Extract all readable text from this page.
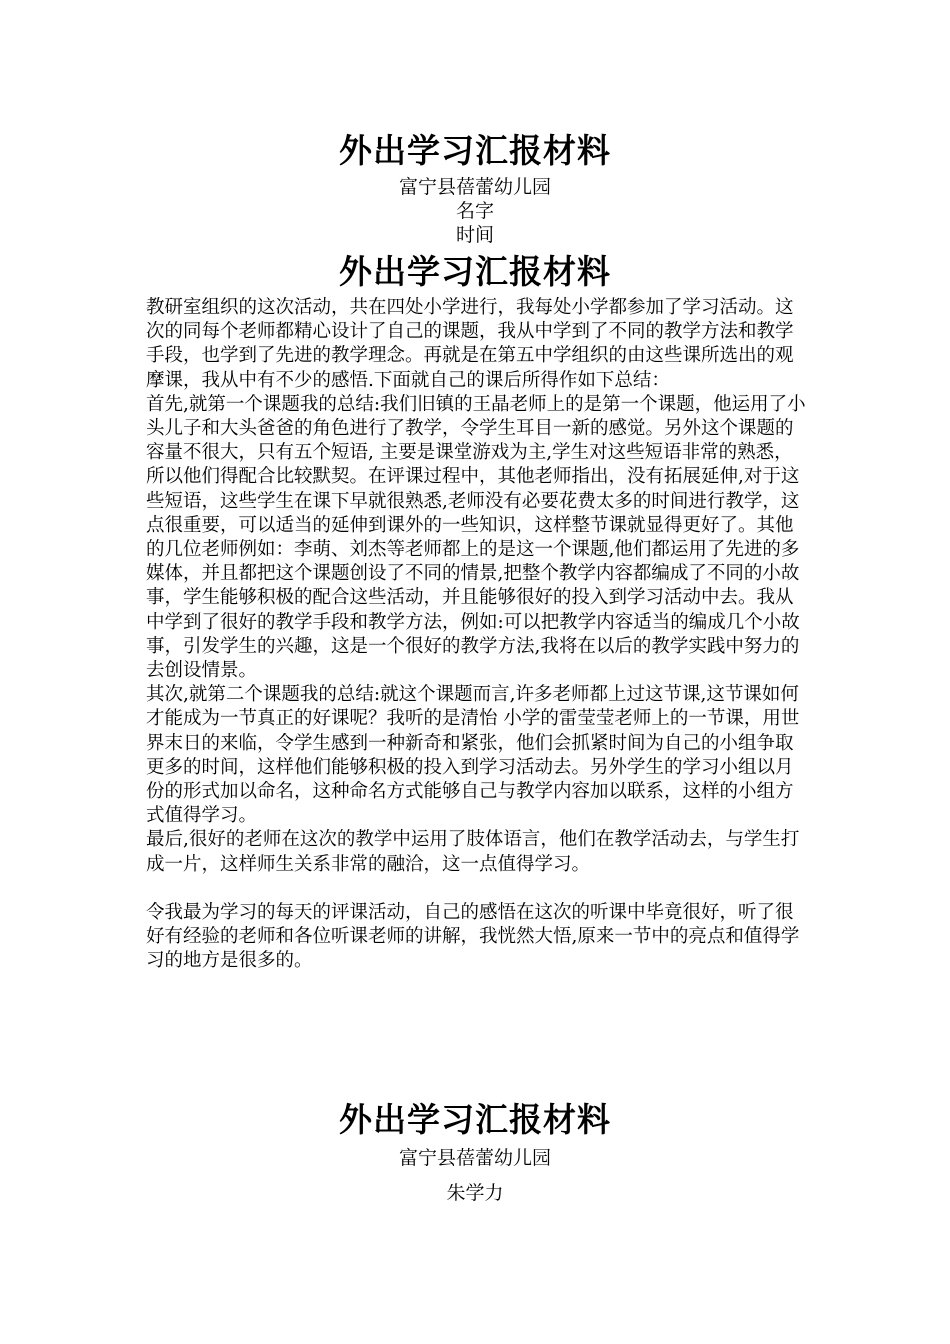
外出学习汇报材料
富宁县蓓蕾幼儿园
名字
时间
外出学习汇报材料

教研室组织的这次活动，共在四处小学进行，我每处小学都参加了学习活动。这次的同每个老师都精心设计了自己的课题，我从中学到了不同的教学方法和教学手段，也学到了先进的教学理念。再就是在第五中学组织的由这些课所选出的观摩课，我从中有不少的感悟.下面就自己的课后所得作如下总结：

首先,就第一个课题我的总结:我们旧镇的王晶老师上的是第一个课题，他运用了小头儿子和大头爸爸的角色进行了教学，令学生耳目一新的感觉。另外这个课题的容量不很大，只有五个短语, 主要是课堂游戏为主,学生对这些短语非常的熟悉，所以他们得配合比较默契。在评课过程中，其他老师指出，没有拓展延伸,对于这些短语，这些学生在课下早就很熟悉,老师没有必要花费太多的时间进行教学，这点很重要，可以适当的延伸到课外的一些知识，这样整节课就显得更好了。其他的几位老师例如：李萌、刘杰等老师都上的是这一个课题,他们都运用了先进的多媒体，并且都把这个课题创设了不同的情景,把整个教学内容都编成了不同的小故事，学生能够积极的配合这些活动，并且能够很好的投入到学习活动中去。我从中学到了很好的教学手段和教学方法，例如:可以把教学内容适当的编成几个小故事，引发学生的兴趣，这是一个很好的教学方法,我将在以后的教学实践中努力的去创设情景。

其次,就第二个课题我的总结:就这个课题而言,许多老师都上过这节课,这节课如何才能成为一节真正的好课呢？我听的是清怡 小学的雷莹莹老师上的一节课，用世界末日的来临，令学生感到一种新奇和紧张，他们会抓紧时间为自己的小组争取更多的时间，这样他们能够积极的投入到学习活动去。另外学生的学习小组以月份的形式加以命名，这种命名方式能够自己与教学内容加以联系，这样的小组方式值得学习。

最后,很好的老师在这次的教学中运用了肢体语言，他们在教学活动去，与学生打成一片，这样师生关系非常的融洽，这一点值得学习。

令我最为学习的每天的评课活动，自己的感悟在这次的听课中毕竟很好，听了很好有经验的老师和各位听课老师的讲解，我恍然大悟,原来一节中的亮点和值得学习的地方是很多的。

外出学习汇报材料
富宁县蓓蕾幼儿园
朱学力
